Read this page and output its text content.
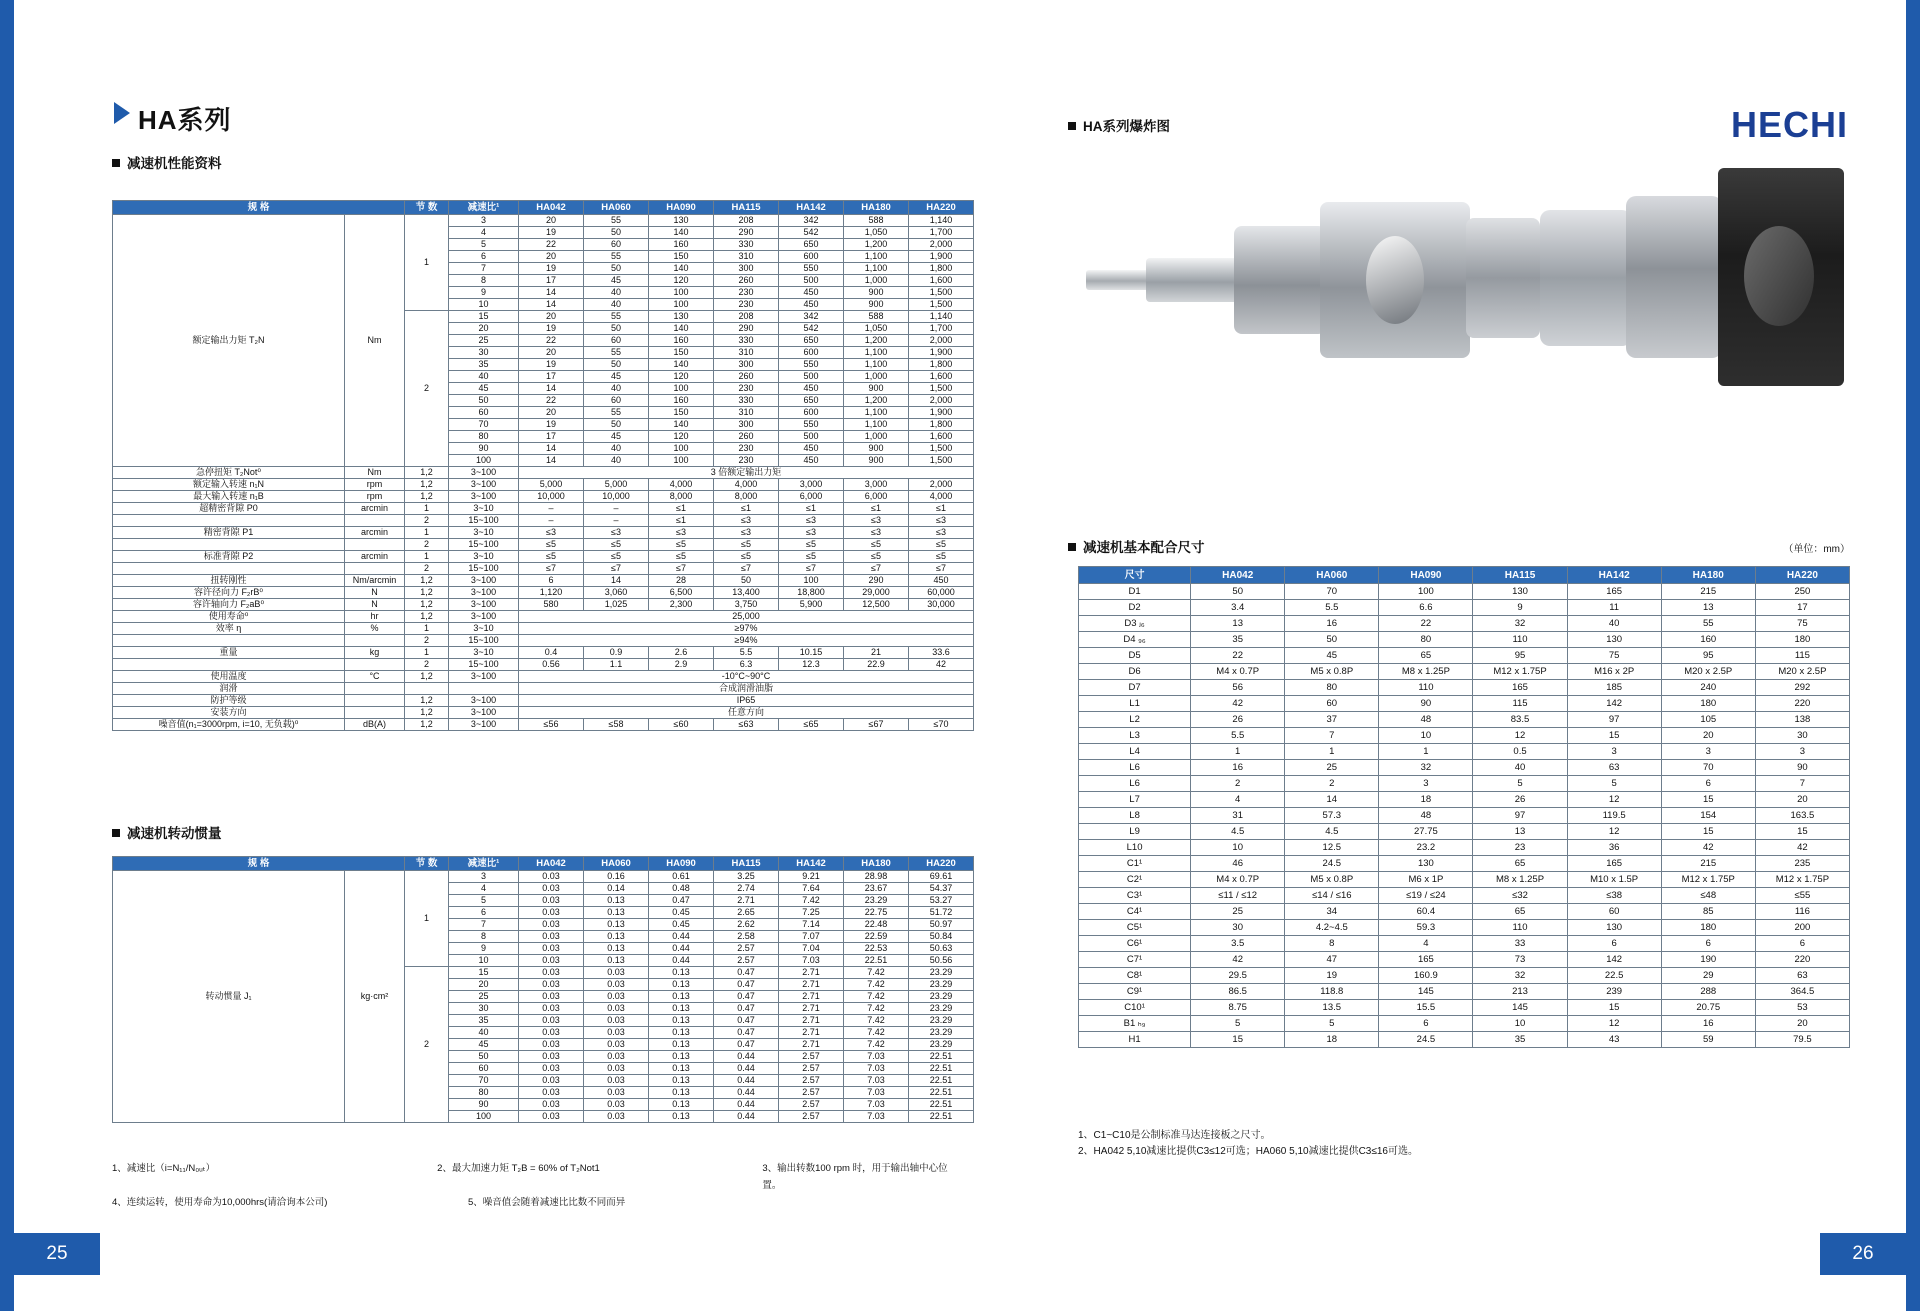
25	26
HA系列
减速机性能资料
规 格		节 数	减速比¹	HA042	HA060	HA090	HA115	HA142	HA180	HA220
额定输出力矩 T₂N	Nm	1	3	20	55	130	208	342	588	1,140
			4	19	50	140	290	542	1,050	1,700
			5	22	60	160	330	650	1,200	2,000
			6	20	55	150	310	600	1,100	1,900
			7	19	50	140	300	550	1,100	1,800
			8	17	45	120	260	500	1,000	1,600
			9	14	40	100	230	450	900	1,500
			10	14	40	100	230	450	900	1,500
		2	15	20	55	130	208	342	588	1,140
			20	19	50	140	290	542	1,050	1,700
			25	22	60	160	330	650	1,200	2,000
			30	20	55	150	310	600	1,100	1,900
			35	19	50	140	300	550	1,100	1,800
			40	17	45	120	260	500	1,000	1,600
			45	14	40	100	230	450	900	1,500
			50	22	60	160	330	650	1,200	2,000
			60	20	55	150	310	600	1,100	1,900
			70	19	50	140	300	550	1,100	1,800
			80	17	45	120	260	500	1,000	1,600
			90	14	40	100	230	450	900	1,500
			100	14	40	100	230	450	900	1,500
急停扭矩 T₂Not⁰	Nm	1,2	3~100	3 倍额定输出力矩						
额定输入转速 n₁N	rpm	1,2	3~100	5,000	5,000	4,000	4,000	3,000	3,000	2,000
最大输入转速 n₁B	rpm	1,2	3~100	10,000	10,000	8,000	8,000	6,000	6,000	4,000
超精密背隙 P0	arcmin	1	3~10	–	–	≤1	≤1	≤1	≤1	≤1
		2	15~100	–	–	≤1	≤3	≤3	≤3	≤3
精密背隙 P1	arcmin	1	3~10	≤3	≤3	≤3	≤3	≤3	≤3	≤3
		2	15~100	≤5	≤5	≤5	≤5	≤5	≤5	≤5
标准背隙 P2	arcmin	1	3~10	≤5	≤5	≤5	≤5	≤5	≤5	≤5
		2	15~100	≤7	≤7	≤7	≤7	≤7	≤7	≤7
扭转刚性	Nm/arcmin	1,2	3~100	6	14	28	50	100	290	450
容许径向力 F₂rB⁰	N	1,2	3~100	1,120	3,060	6,500	13,400	18,800	29,000	60,000
容许轴向力 F₂aB⁰	N	1,2	3~100	580	1,025	2,300	3,750	5,900	12,500	30,000
使用寿命⁰	hr	1,2	3~100	25,000						
效率 η	%	1	3~10	≥97%						
		2	15~100	≥94%						
重量	kg	1	3~10	0.4	0.9	2.6	5.5	10.15	21	33.6
		2	15~100	0.56	1.1	2.9	6.3	12.3	22.9	42
使用温度	°C	1,2	3~100	-10°C~90°C						
润滑				合成润滑油脂						
防护等级		1,2	3~100	IP65						
安装方向		1,2	3~100	任意方向						
噪音值(n₁=3000rpm, i=10, 无负载)⁰	dB(A)	1,2	3~100	≤56	≤58	≤60	≤63	≤65	≤67	≤70
减速机转动惯量
规 格		节 数	减速比¹	HA042	HA060	HA090	HA115	HA142	HA180	HA220
转动惯量 J₁	kg·cm²	1	3	0.03	0.16	0.61	3.25	9.21	28.98	69.61
			4	0.03	0.14	0.48	2.74	7.64	23.67	54.37
			5	0.03	0.13	0.47	2.71	7.42	23.29	53.27
			6	0.03	0.13	0.45	2.65	7.25	22.75	51.72
			7	0.03	0.13	0.45	2.62	7.14	22.48	50.97
			8	0.03	0.13	0.44	2.58	7.07	22.59	50.84
			9	0.03	0.13	0.44	2.57	7.04	22.53	50.63
			10	0.03	0.13	0.44	2.57	7.03	22.51	50.56
		2	15	0.03	0.03	0.13	0.47	2.71	7.42	23.29
			20	0.03	0.03	0.13	0.47	2.71	7.42	23.29
			25	0.03	0.03	0.13	0.47	2.71	7.42	23.29
			30	0.03	0.03	0.13	0.47	2.71	7.42	23.29
			35	0.03	0.03	0.13	0.47	2.71	7.42	23.29
			40	0.03	0.03	0.13	0.47	2.71	7.42	23.29
			45	0.03	0.03	0.13	0.47	2.71	7.42	23.29
			50	0.03	0.03	0.13	0.44	2.57	7.03	22.51
			60	0.03	0.03	0.13	0.44	2.57	7.03	22.51
			70	0.03	0.03	0.13	0.44	2.57	7.03	22.51
			80	0.03	0.03	0.13	0.44	2.57	7.03	22.51
			90	0.03	0.03	0.13	0.44	2.57	7.03	22.51
			100	0.03	0.03	0.13	0.44	2.57	7.03	22.51
1、减速比（i=N₁₁/N₀ᵤₜ）	2、最大加速力矩 T₂B = 60% of T₂Not1	3、输出转数100 rpm 时，用于输出轴中心位置。
4、连续运转，使用寿命为10,000hrs(请洽询本公司)	5、噪音值会随着减速比比数不同而异
HA系列爆炸图	HECHI
减速机基本配合尺寸	（单位：mm）
尺寸	HA042	HA060	HA090	HA115	HA142	HA180	HA220
D1	50	70	100	130	165	215	250
D2	3.4	5.5	6.6	9	11	13	17
D3 ⱼ₆	13	16	22	32	40	55	75
D4 ₉₆	35	50	80	110	130	160	180
D5	22	45	65	95	75	95	115
D6	M4 x 0.7P	M5 x 0.8P	M8 x 1.25P	M12 x 1.75P	M16 x 2P	M20 x 2.5P	M20 x 2.5P
D7	56	80	110	165	185	240	292
L1	42	60	90	115	142	180	220
L2	26	37	48	83.5	97	105	138
L3	5.5	7	10	12	15	20	30
L4	1	1	1	0.5	3	3	3
L6	16	25	32	40	63	70	90
L6	2	2	3	5	5	6	7
L7	4	14	18	26	12	15	20
L8	31	57.3	48	97	119.5	154	163.5
L9	4.5	4.5	27.75	13	12	15	15
L10	10	12.5	23.2	23	36	42	42
C1¹	46	24.5	130	65	165	215	235
C2¹	M4 x 0.7P	M5 x 0.8P	M6 x 1P	M8 x 1.25P	M10 x 1.5P	M12 x 1.75P	M12 x 1.75P
C3¹	≤11 / ≤12	≤14 / ≤16	≤19 / ≤24	≤32	≤38	≤48	≤55
C4¹	25	34	60.4	65	60	85	116
C5¹	30	4.2~4.5	59.3	110	130	180	200
C6¹	3.5	8	4	33	6	6	6
C7¹	42	47	165	73	142	190	220
C8¹	29.5	19	160.9	32	22.5	29	63
C9¹	86.5	118.8	145	213	239	288	364.5
C10¹	8.75	13.5	15.5	145	15	20.75	53
B1 ₕ₉	5	5	6	10	12	16	20
H1	15	18	24.5	35	43	59	79.5
1、C1~C10是公制标准马达连接板之尺寸。
2、HA042 5,10减速比提供C3≤12可选；HA060 5,10减速比提供C3≤16可选。
